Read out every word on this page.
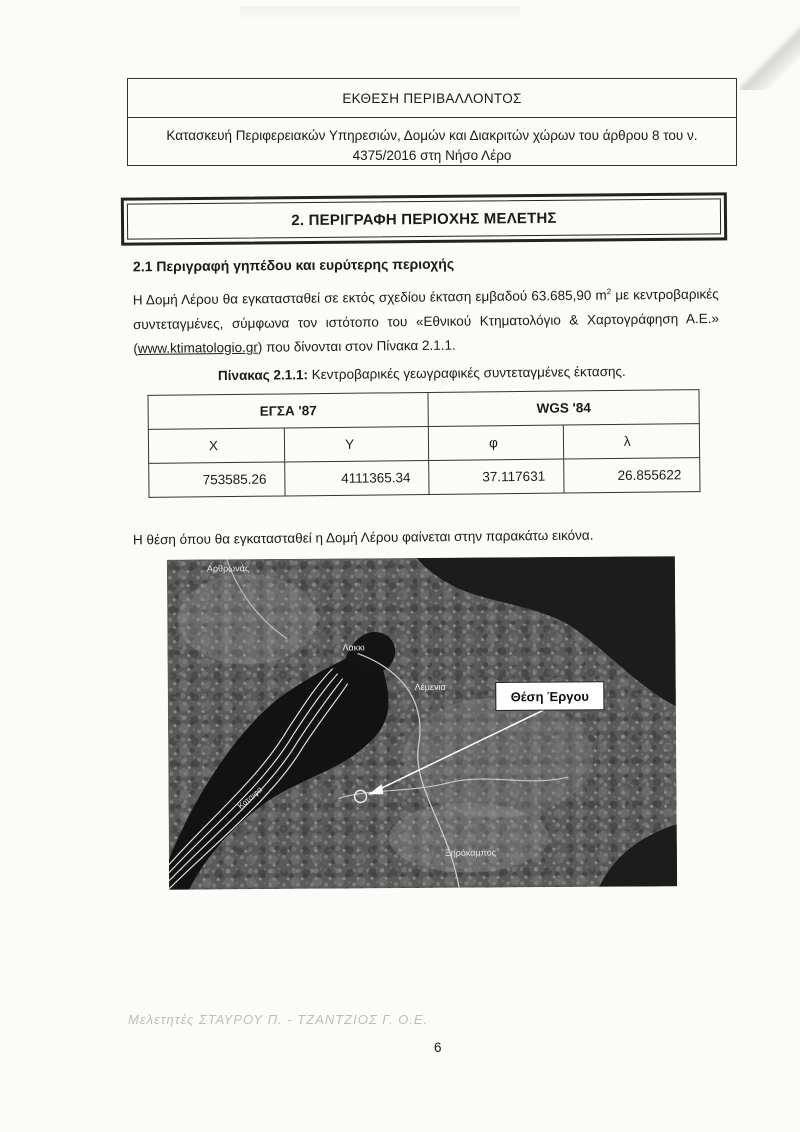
ΕΚΘΕΣΗ ΠΕΡΙΒΑΛΛΟΝΤΟΣ
Κατασκευή Περιφερειακών Υπηρεσιών, Δομών και Διακριτών χώρων του άρθρου 8 του ν. 4375/2016 στη Νήσο Λέρο
2. ΠΕΡΙΓΡΑΦΗ ΠΕΡΙΟΧΗΣ ΜΕΛΕΤΗΣ
2.1 Περιγραφή γηπέδου και ευρύτερης περιοχής
Η Δομή Λέρου θα εγκατασταθεί σε εκτός σχεδίου έκταση εμβαδού 63.685,90 $m^2$ με κεντροβαρικές συντεταγμένες, σύμφωνα τον ιστότοπο του «Εθνικού Κτηματολόγιο & Χαρτογράφηση Α.Ε.» (www.ktimatologio.gr) που δίνονται στον Πίνακα 2.1.1.
Πίνακας 2.1.1: Κεντροβαρικές γεωγραφικές συντεταγμένες έκτασης.
ΕΓΣΑ '87		WGS '84	
X	Y	φ	λ
753585.26	4111365.34	37.117631	26.855622
Η θέση όπου θα εγκατασταθεί η Δομή Λέρου φαίνεται στην παρακάτω εικόνα.
Θέση Έργου
Αρθρωνάς
Λακκι
Λέμενια
Ξηρόκαμπος
Κοτσιφα
Μελετητές ΣΤΑΥΡΟΥ Π. - ΤΖΑΝΤΖΙΟΣ Γ. Ο.Ε.
6
